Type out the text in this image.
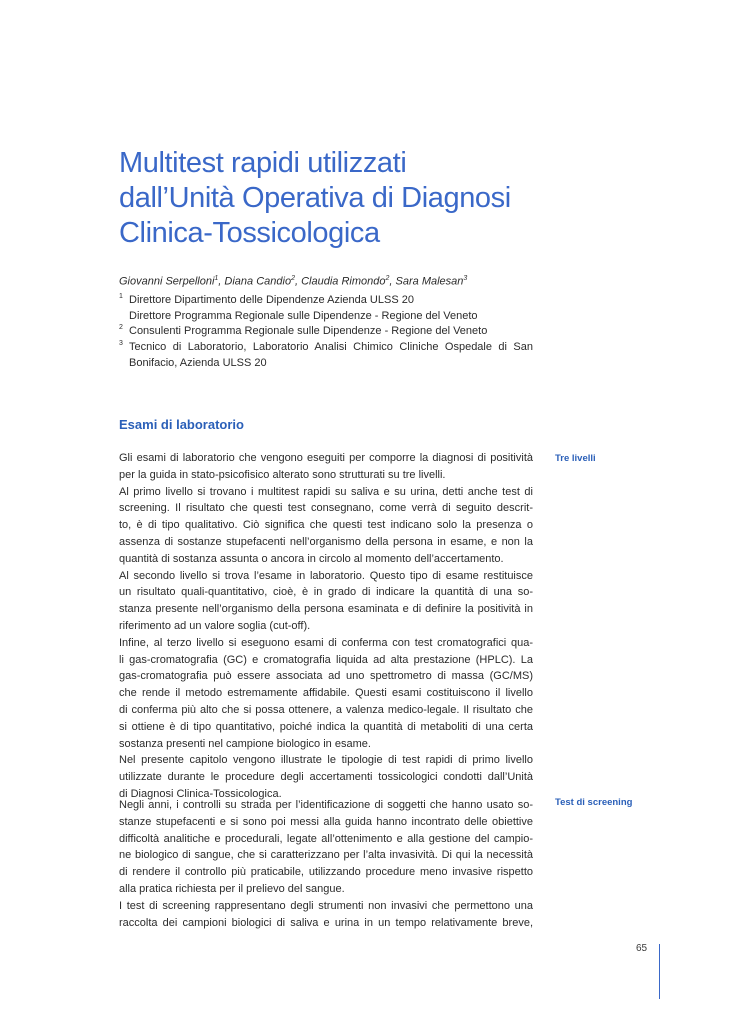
Multitest rapidi utilizzati
dall’Unità Operativa di Diagnosi
Clinica-Tossicologica
Giovanni Serpelloni$^1$, Diana Candio$^2$, Claudia Rimondo$^2$, Sara Malesan$^3$
1 Direttore Dipartimento delle Dipendenze Azienda ULSS 20
Direttore Programma Regionale sulle Dipendenze - Regione del Veneto
2 Consulenti Programma Regionale sulle Dipendenze - Regione del Veneto
3 Tecnico di Laboratorio, Laboratorio Analisi Chimico Cliniche Ospedale di San
Bonifacio, Azienda ULSS 20
Esami di laboratorio
Tre livelli
Test di screening
Gli esami di laboratorio che vengono eseguiti per comporre la diagnosi di positività
per la guida in stato-psicofisico alterato sono strutturati su tre livelli.
Al primo livello si trovano i multitest rapidi su saliva e su urina, detti anche test di
screening. Il risultato che questi test consegnano, come verrà di seguito descrit-
to, è di tipo qualitativo. Ciò significa che questi test indicano solo la presenza o
assenza di sostanze stupefacenti nell’organismo della persona in esame, e non la
quantità di sostanza assunta o ancora in circolo al momento dell’accertamento.
Al secondo livello si trova l’esame in laboratorio. Questo tipo di esame restituisce
un risultato quali-quantitativo, cioè, è in grado di indicare la quantità di una so-
stanza presente nell’organismo della persona esaminata e di definire la positività in
riferimento ad un valore soglia (cut-off).
Infine, al terzo livello si eseguono esami di conferma con test cromatografici qua-
li gas-cromatografia (GC) e cromatografia liquida ad alta prestazione (HPLC). La
gas-cromatografia può essere associata ad uno spettrometro di massa (GC/MS)
che rende il metodo estremamente affidabile. Questi esami costituiscono il livello
di conferma più alto che si possa ottenere, a valenza medico-legale. Il risultato che
si ottiene è di tipo quantitativo, poiché indica la quantità di metaboliti di una certa
sostanza presenti nel campione biologico in esame.
Nel presente capitolo vengono illustrate le tipologie di test rapidi di primo livello
utilizzate durante le procedure degli accertamenti tossicologici condotti dall’Unità
di Diagnosi Clinica-Tossicologica.
Negli anni, i controlli su strada per l’identificazione di soggetti che hanno usato so-
stanze stupefacenti e si sono poi messi alla guida hanno incontrato delle obiettive
difficoltà analitiche e procedurali, legate all’ottenimento e alla gestione del campio-
ne biologico di sangue, che si caratterizzano per l’alta invasività. Di qui la necessità
di rendere il controllo più praticabile, utilizzando procedure meno invasive rispetto
alla pratica richiesta per il prelievo del sangue.
I test di screening rappresentano degli strumenti non invasivi che permettono una
raccolta dei campioni biologici di saliva e urina in un tempo relativamente breve,
65
